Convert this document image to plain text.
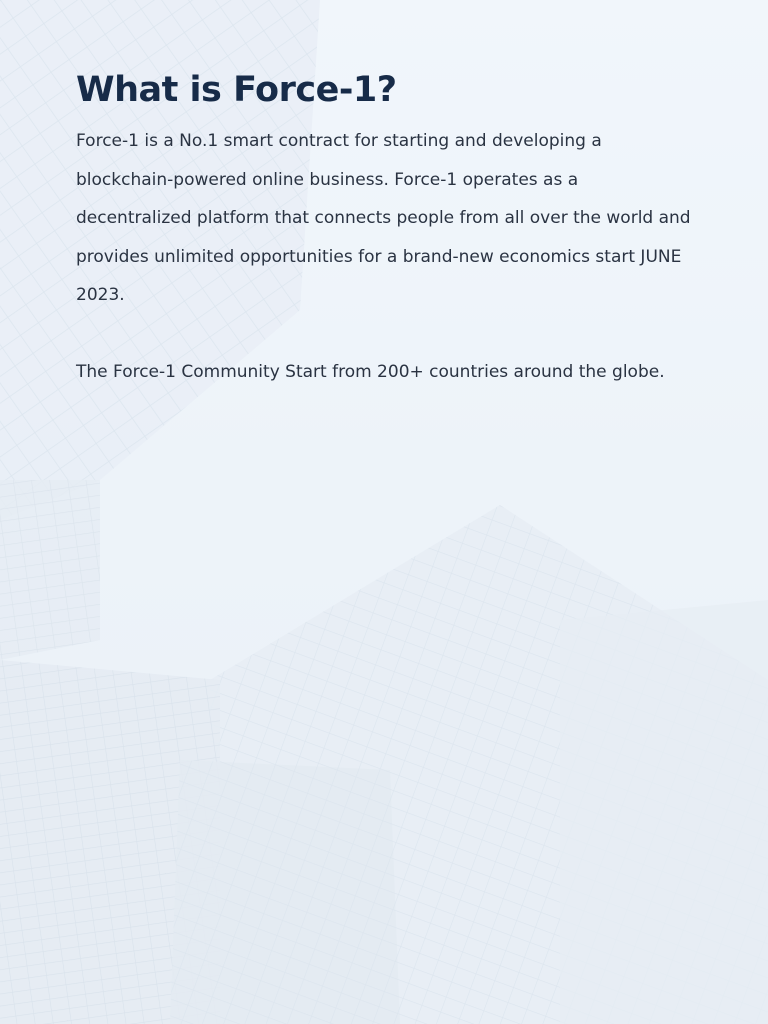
What is Force-1?

Force-1 is a No.1 smart contract for starting and developing a blockchain-powered online business. Force-1 operates as a decentralized platform that connects people from all over the world and provides unlimited opportunities for a brand-new economics start JUNE 2023.

The Force-1 Community Start from 200+ countries around the globe.
